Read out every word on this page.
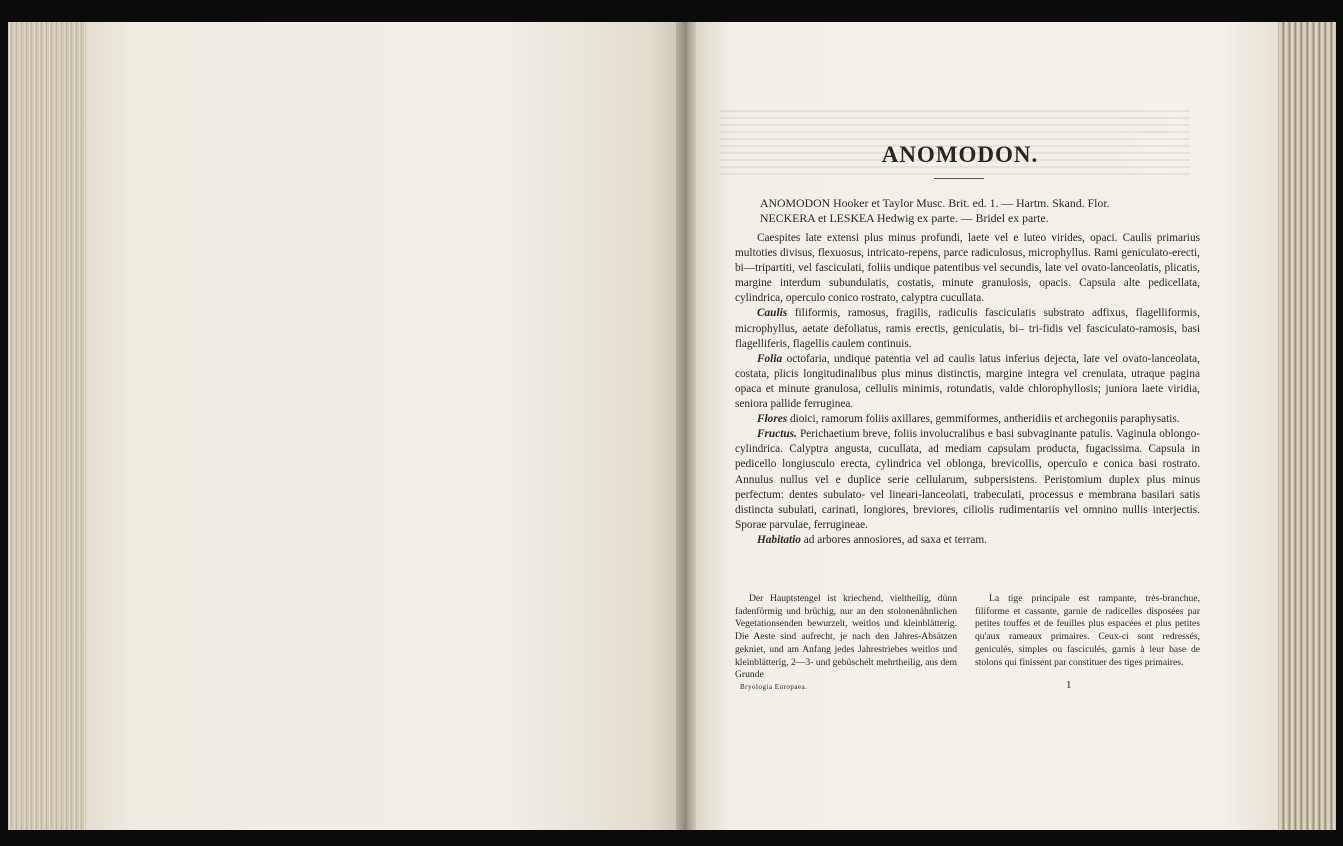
ANOMODON.

ANOMODON Hooker et Taylor Musc. Brit. ed. 1. — Hartm. Skand. Flor.

NECKERA et LESKEA Hedwig ex parte. — Bridel ex parte.

Caespites late extensi plus minus profundi, laete vel e luteo virides, opaci. Caulis primarius multoties divisus, flexuosus, intricato-repens, parce radiculosus, microphyllus. Rami geniculato-erecti, bi—tripartiti, vel fasciculati, foliis undique patentibus vel secundis, late vel ovato-lanceolatis, plicatis, margine interdum subundulatis, costatis, minute granulosis, opacis. Capsula alte pedicellata, cylindrica, operculo conico rostrato, calyptra cucullata.

Caulis filiformis, ramosus, fragilis, radiculis fasciculatis substrato adfixus, flagelliformis, microphyllus, aetate defoliatus, ramis erectis, geniculatis, bi– tri-fidis vel fasciculato-ramosis, basi flagelliferis, flagellis caulem continuis.

Folia octofaria, undique patentia vel ad caulis latus inferius dejecta, late vel ovato-lanceolata, costata, plicis longitudinalibus plus minus distinctis, margine integra vel crenulata, utraque pagina opaca et minute granulosa, cellulis minimis, rotundatis, valde chlorophyllosis; juniora laete viridia, seniora pallide ferruginea.

Flores dioici, ramorum foliis axillares, gemmiformes, antheridiis et archegoniis paraphysatis.

Fructus. Perichaetium breve, foliis involucralibus e basi subvaginante patulis. Vaginula oblongo-cylindrica. Calyptra angusta, cucullata, ad mediam capsulam producta, fugacissima. Capsula in pedicello longiusculo erecta, cylindrica vel oblonga, brevicollis, operculo e conica basi rostrato. Annulus nullus vel e duplice serie cellularum, subpersistens. Peristomium duplex plus minus perfectum: dentes subulato- vel lineari-lanceolati, trabeculati, processus e membrana basilari satis distincta subulati, carinati, longiores, breviores, ciliolis rudimentariis vel omnino nullis interjectis. Sporae parvulae, ferrugineae.

Habitatio ad arbores annosiores, ad saxa et terram.

Der Hauptstengel ist kriechend, vieltheilig, dünn fadenförmig und brüchig, nur an den stolonenähnlichen Vegetationsenden bewurzelt, weitlos und kleinblätterig. Die Aeste sind aufrecht, je nach den Jahres-Absätzen gekniet, und am Anfang jedes Jahrestriebes weitlos und kleinblätterig, 2—3- und gebüschelt mehrtheilig, aus dem Grunde

La tige principale est rampante, très-branchue, filiforme et cassante, garnie de radicelles disposées par petites touffes et de feuilles plus espacées et plus petites qu'aux rameaux primaires. Ceux-ci sont redressés, geniculés, simples ou fasciculés, garnis à leur base de stolons qui finissent par constituer des tiges primaires.

Bryologia Europaea.	1
